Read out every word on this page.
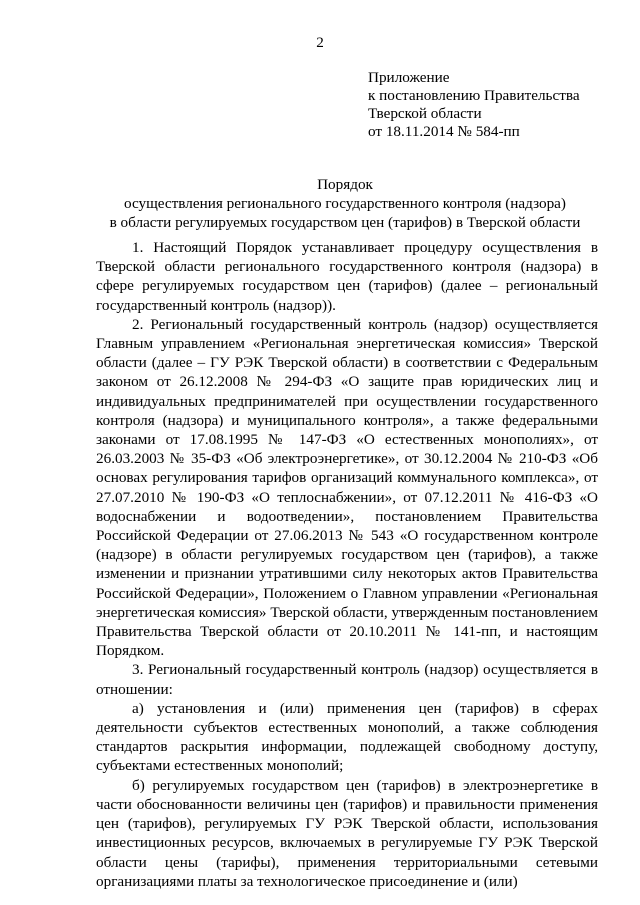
2
Приложение
к постановлению Правительства
Тверской области
от 18.11.2014 № 584-пп
Порядок
осуществления регионального государственного контроля (надзора)
в области регулируемых государством цен (тарифов) в Тверской области

1. Настоящий Порядок устанавливает процедуру осуществления в Тверской области регионального государственного контроля (надзора) в сфере регулируемых государством цен (тарифов) (далее – региональный государственный контроль (надзор)).

2. Региональный государственный контроль (надзор) осуществляется Главным управлением «Региональная энергетическая комиссия» Тверской области (далее – ГУ РЭК Тверской области) в соответствии с Федеральным законом от 26.12.2008 № 294-ФЗ «О защите прав юридических лиц и индивидуальных предпринимателей при осуществлении государственного контроля (надзора) и муниципального контроля», а также федеральными законами от 17.08.1995 № 147-ФЗ «О естественных монополиях», от 26.03.2003 № 35-ФЗ «Об электроэнергетике», от 30.12.2004 № 210-ФЗ «Об основах регулирования тарифов организаций коммунального комплекса», от 27.07.2010 № 190-ФЗ «О теплоснабжении», от 07.12.2011 № 416-ФЗ «О водоснабжении и водоотведении», постановлением Правительства Российской Федерации от 27.06.2013 № 543 «О государственном контроле (надзоре) в области регулируемых государством цен (тарифов), а также изменении и признании утратившими силу некоторых актов Правительства Российской Федерации», Положением о Главном управлении «Региональная энергетическая комиссия» Тверской области, утвержденным постановлением Правительства Тверской области от 20.10.2011 № 141-пп, и настоящим Порядком.

3. Региональный государственный контроль (надзор) осуществляется в отношении:

а) установления и (или) применения цен (тарифов) в сферах деятельности субъектов естественных монополий, а также соблюдения стандартов раскрытия информации, подлежащей свободному доступу, субъектами естественных монополий;

б) регулируемых государством цен (тарифов) в электроэнергетике в части обоснованности величины цен (тарифов) и правильности применения цен (тарифов), регулируемых ГУ РЭК Тверской области, использования инвестиционных ресурсов, включаемых в регулируемые ГУ РЭК Тверской области цены (тарифы), применения территориальными сетевыми организациями платы за технологическое присоединение и (или)
